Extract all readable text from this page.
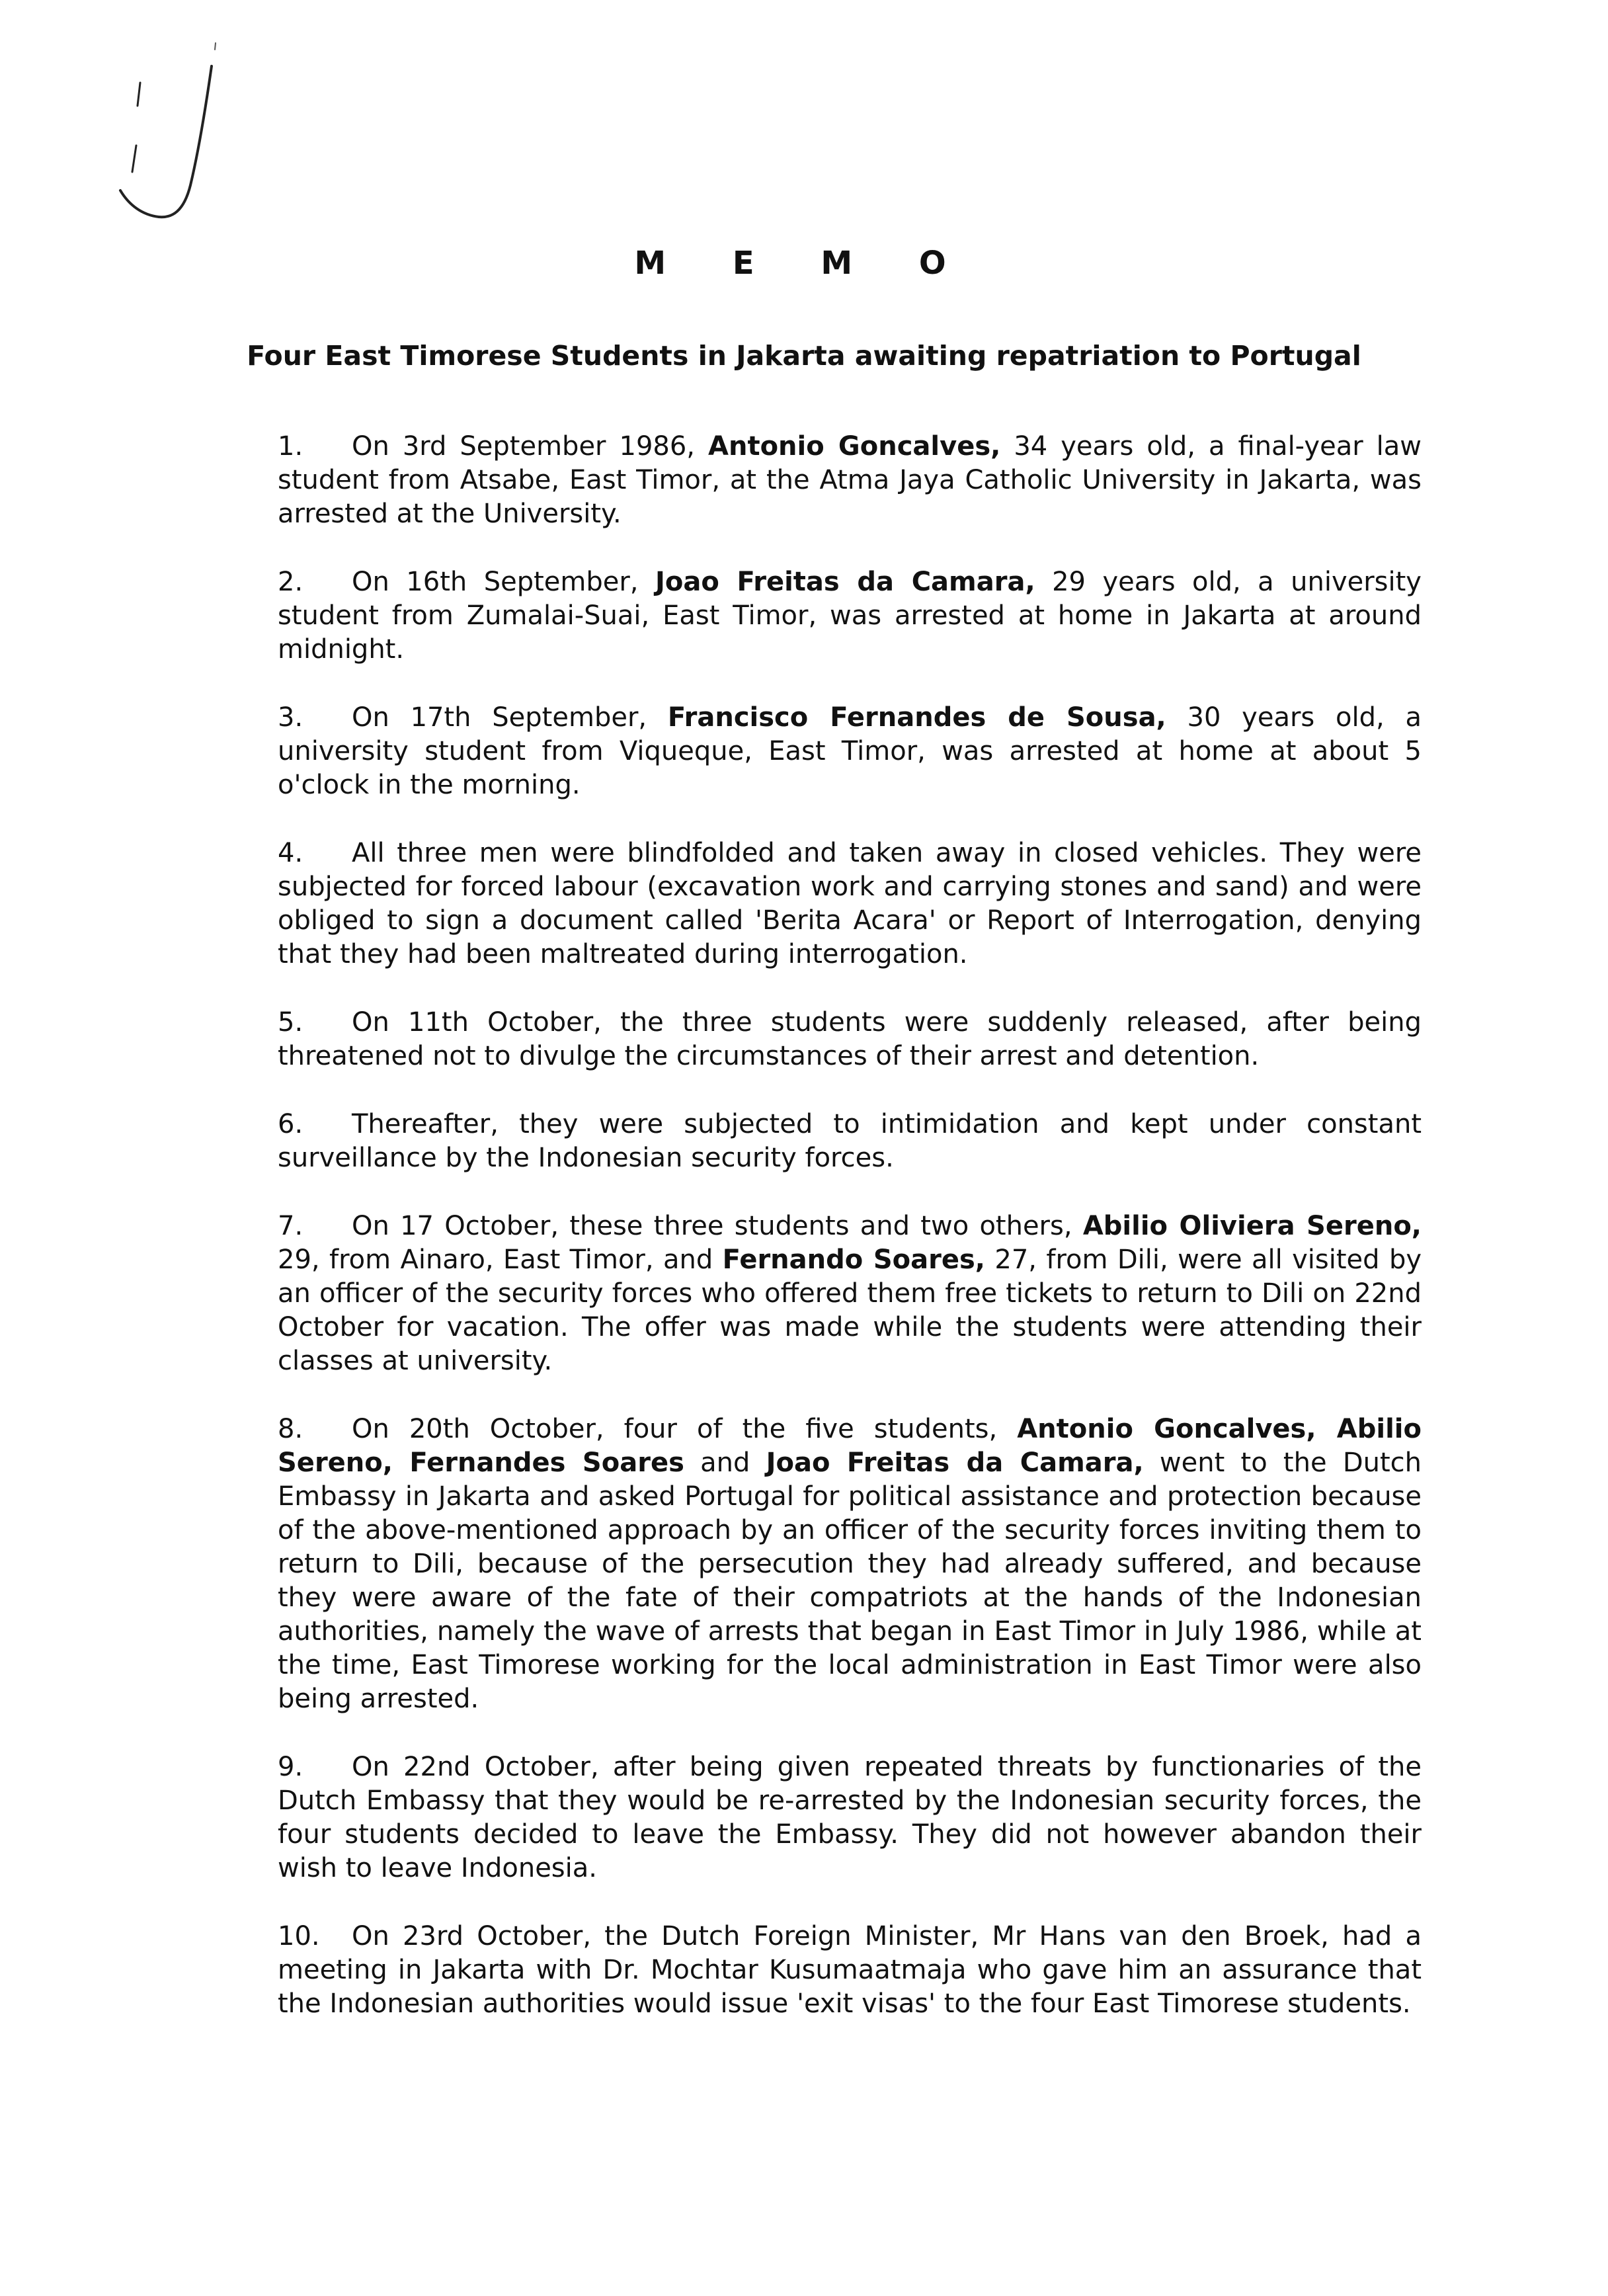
M E M O
Four East Timorese Students in Jakarta awaiting repatriation to Portugal

1. On 3rd September 1986, Antonio Goncalves, 34 years old, a final-year law student from Atsabe, East Timor, at the Atma Jaya Catholic University in Jakarta, was arrested at the University.

2. On 16th September, Joao Freitas da Camara, 29 years old, a university student from Zumalai-Suai, East Timor, was arrested at home in Jakarta at around midnight.

3. On 17th September, Francisco Fernandes de Sousa, 30 years old, a university student from Viqueque, East Timor, was arrested at home at about 5 o'clock in the morning.

4. All three men were blindfolded and taken away in closed vehicles. They were subjected for forced labour (excavation work and carrying stones and sand) and were obliged to sign a document called 'Berita Acara' or Report of Interrogation, denying that they had been maltreated during interrogation.

5. On 11th October, the three students were suddenly released, after being threatened not to divulge the circumstances of their arrest and detention.

6. Thereafter, they were subjected to intimidation and kept under constant surveillance by the Indonesian security forces.

7. On 17 October, these three students and two others, Abilio Oliviera Sereno, 29, from Ainaro, East Timor, and Fernando Soares, 27, from Dili, were all visited by an officer of the security forces who offered them free tickets to return to Dili on 22nd October for vacation. The offer was made while the students were attending their classes at university.

8. On 20th October, four of the five students, Antonio Goncalves, Abilio Sereno, Fernandes Soares and Joao Freitas da Camara, went to the Dutch Embassy in Jakarta and asked Portugal for political assistance and protection because of the above-mentioned approach by an officer of the security forces inviting them to return to Dili, because of the persecution they had already suffered, and because they were aware of the fate of their compatriots at the hands of the Indonesian authorities, namely the wave of arrests that began in East Timor in July 1986, while at the time, East Timorese working for the local administration in East Timor were also being arrested.

9. On 22nd October, after being given repeated threats by functionaries of the Dutch Embassy that they would be re-arrested by the Indonesian security forces, the four students decided to leave the Embassy. They did not however abandon their wish to leave Indonesia.

10. On 23rd October, the Dutch Foreign Minister, Mr Hans van den Broek, had a meeting in Jakarta with Dr. Mochtar Kusumaatmaja who gave him an assurance that the Indonesian authorities would issue 'exit visas' to the four East Timorese students.
